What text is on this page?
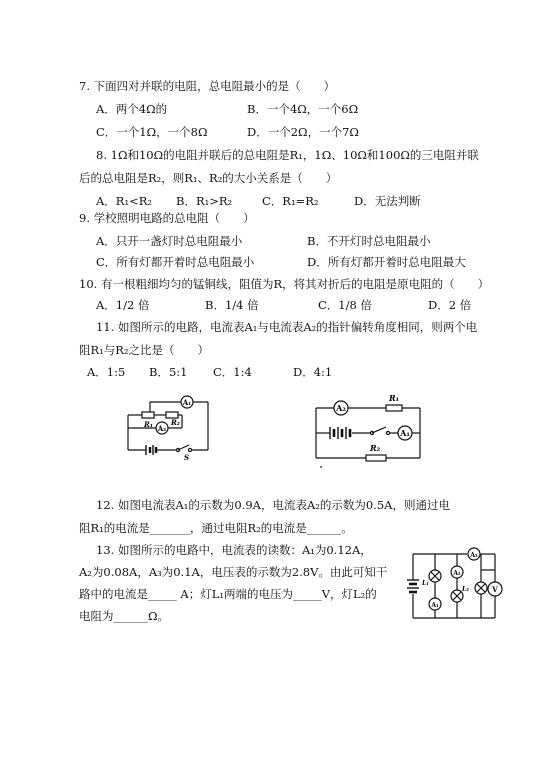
7. 下面四对并联的电阻，总电阻最小的是（　　）
A．两个4Ω的	B．一个4Ω，一个6Ω
C．一个1Ω，一个8Ω	D．一个2Ω，一个7Ω
8. 1Ω和10Ω的电阻并联后的总电阻是R₁，1Ω、10Ω和100Ω的三电阻并联
后的总电阻是R₂，则R₁、R₂的大小关系是（　　）
A．R₁<R₂ B．R₁>R₂	C．R₁=R₂	D．无法判断
9. 学校照明电路的总电阻（　　）
A．只开一盏灯时总电阻最小	B．不开灯时总电阻最小
C．所有灯都开着时总电阻最小	D．所有灯都开着时总电阻最大
10. 有一根粗细均匀的锰铜线，阻值为R，将其对折后的电阻是原电阻的（　　）
A．1/2 倍	B．1/4 倍	C．1/8 倍	D．2 倍
11. 如图所示的电路，电流表A₁与电流表A₂的指针偏转角度相同，则两个电
阻R₁与R₂之比是（　　）
A．1:5 B．5:1 C．1:4	D．4:1
A₁
A₂
R₁	R₂
S
A₂
R₁
A₁
R₂
12. 如图电流表A₁的示数为0.9A，电流表A₂的示数为0.5A，则通过电
阻R₁的电流是_______，通过电阻R₂的电流是______。
13. 如图所示的电路中，电流表的读数：A₁为0.12A，
A₂为0.08A，A₃为0.1A，电压表的示数为2.8V。由此可知干
路中的电流是_____ A；灯L₁两端的电压为_____V，灯L₂的
电阻为______Ω。
A₃
A₂
A₁
L₁
L₂	V
